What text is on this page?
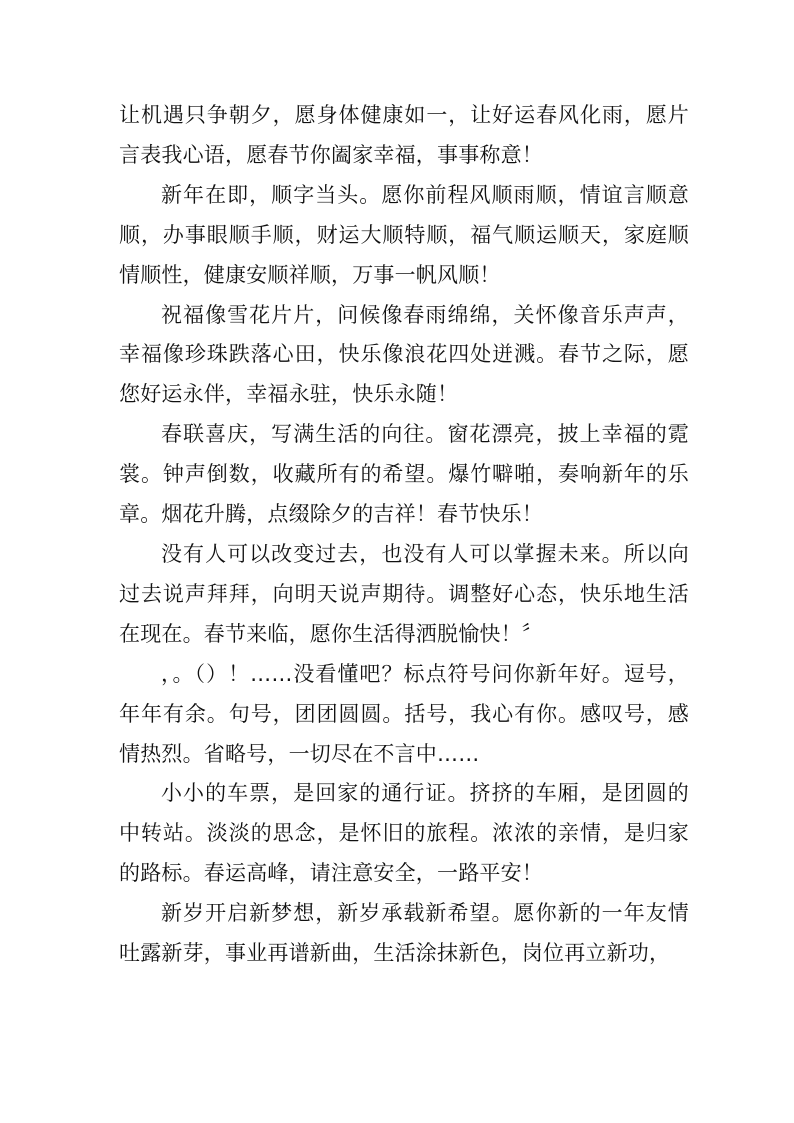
让机遇只争朝夕，愿身体健康如一，让好运春风化雨，愿片言表我心语，愿春节你阖家幸福，事事称意！

新年在即，顺字当头。愿你前程风顺雨顺，情谊言顺意顺，办事眼顺手顺，财运大顺特顺，福气顺运顺天，家庭顺情顺性，健康安顺祥顺，万事一帆风顺！

祝福像雪花片片，问候像春雨绵绵，关怀像音乐声声，幸福像珍珠跌落心田，快乐像浪花四处迸溅。春节之际，愿您好运永伴，幸福永驻，快乐永随！

春联喜庆，写满生活的向往。窗花漂亮，披上幸福的霓裳。钟声倒数，收藏所有的希望。爆竹噼啪，奏响新年的乐章。烟花升腾，点缀除夕的吉祥！春节快乐！

没有人可以改变过去，也没有人可以掌握未来。所以向过去说声拜拜，向明天说声期待。调整好心态，快乐地生活在现在。春节来临，愿你生活得洒脱愉快！〞

，。（）！……没看懂吧？标点符号问你新年好。逗号，年年有余。句号，团团圆圆。括号，我心有你。感叹号，感情热烈。省略号，一切尽在不言中……

小小的车票，是回家的通行证。挤挤的车厢，是团圆的中转站。淡淡的思念，是怀旧的旅程。浓浓的亲情，是归家的路标。春运高峰，请注意安全，一路平安！

新岁开启新梦想，新岁承载新希望。愿你新的一年友情吐露新芽，事业再谱新曲，生活涂抹新色，岗位再立新功，
